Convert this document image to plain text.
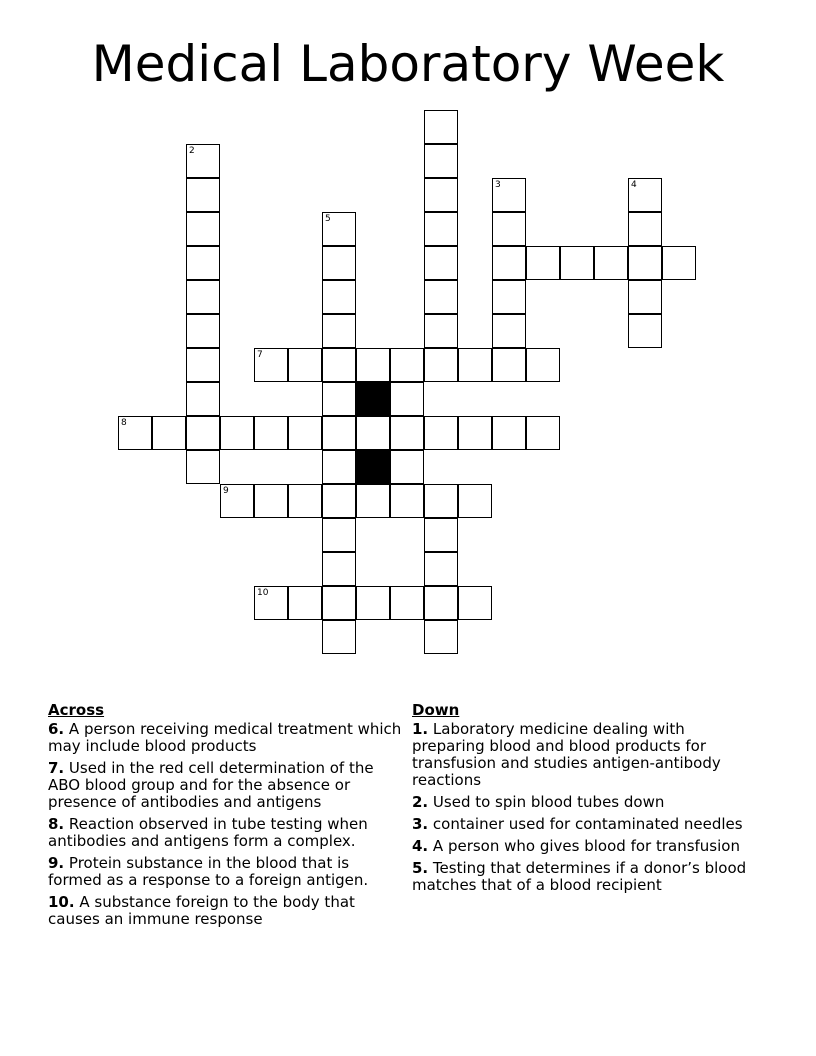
Medical Laboratory Week
2
3	4
5
7
8
9
10
Across
6. A person receiving medical treatment which may include blood products
7. Used in the red cell determination of the ABO blood group and for the absence or presence of antibodies and antigens
8. Reaction observed in tube testing when antibodies and antigens form a complex.
9. Protein substance in the blood that is formed as a response to a foreign antigen.
10. A substance foreign to the body that causes an immune response
Down
1. Laboratory medicine dealing with preparing blood and blood products for transfusion and studies antigen-antibody reactions
2. Used to spin blood tubes down
3. container used for contaminated needles
4. A person who gives blood for transfusion
5. Testing that determines if a donor’s blood matches that of a blood recipient
